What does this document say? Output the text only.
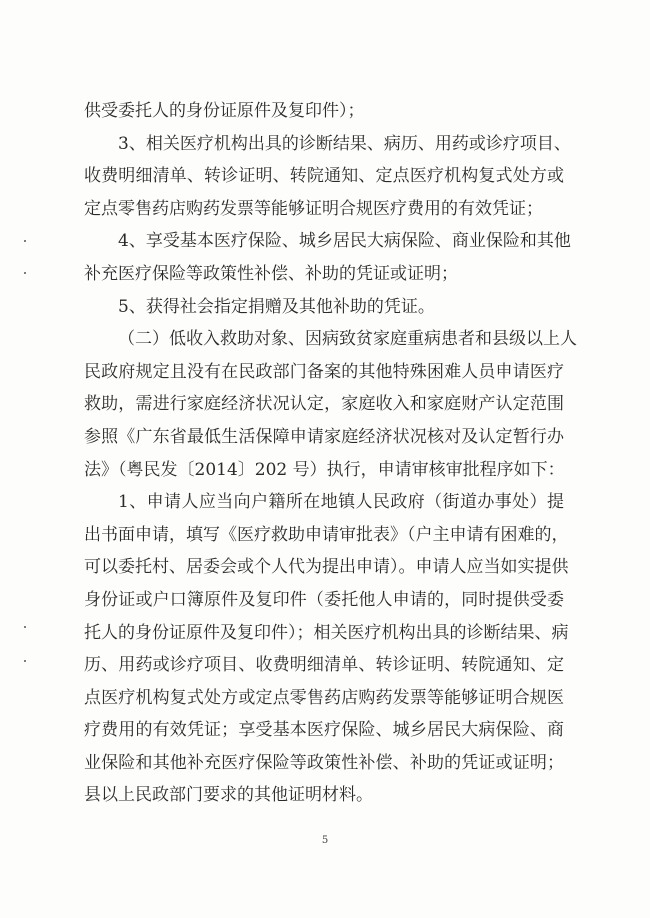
供受委托人的身份证原件及复印件）；

3、相关医疗机构出具的诊断结果、病历、用药或诊疗项目、

收费明细清单、转诊证明、转院通知、定点医疗机构复式处方或

定点零售药店购药发票等能够证明合规医疗费用的有效凭证；

4、享受基本医疗保险、城乡居民大病保险、商业保险和其他

补充医疗保险等政策性补偿、补助的凭证或证明；

5、获得社会指定捐赠及其他补助的凭证。

（二）低收入救助对象、因病致贫家庭重病患者和县级以上人

民政府规定且没有在民政部门备案的其他特殊困难人员申请医疗

救助，需进行家庭经济状况认定，家庭收入和家庭财产认定范围

参照《广东省最低生活保障申请家庭经济状况核对及认定暂行办

法》（粤民发〔2014〕202 号）执行，申请审核审批程序如下：

1、申请人应当向户籍所在地镇人民政府（街道办事处）提

出书面申请，填写《医疗救助申请审批表》（户主申请有困难的，

可以委托村、居委会或个人代为提出申请）。申请人应当如实提供

身份证或户口簿原件及复印件（委托他人申请的，同时提供受委

托人的身份证原件及复印件）；相关医疗机构出具的诊断结果、病

历、用药或诊疗项目、收费明细清单、转诊证明、转院通知、定

点医疗机构复式处方或定点零售药店购药发票等能够证明合规医

疗费用的有效凭证；享受基本医疗保险、城乡居民大病保险、商

业保险和其他补充医疗保险等政策性补偿、补助的凭证或证明；

县以上民政部门要求的其他证明材料。

5
